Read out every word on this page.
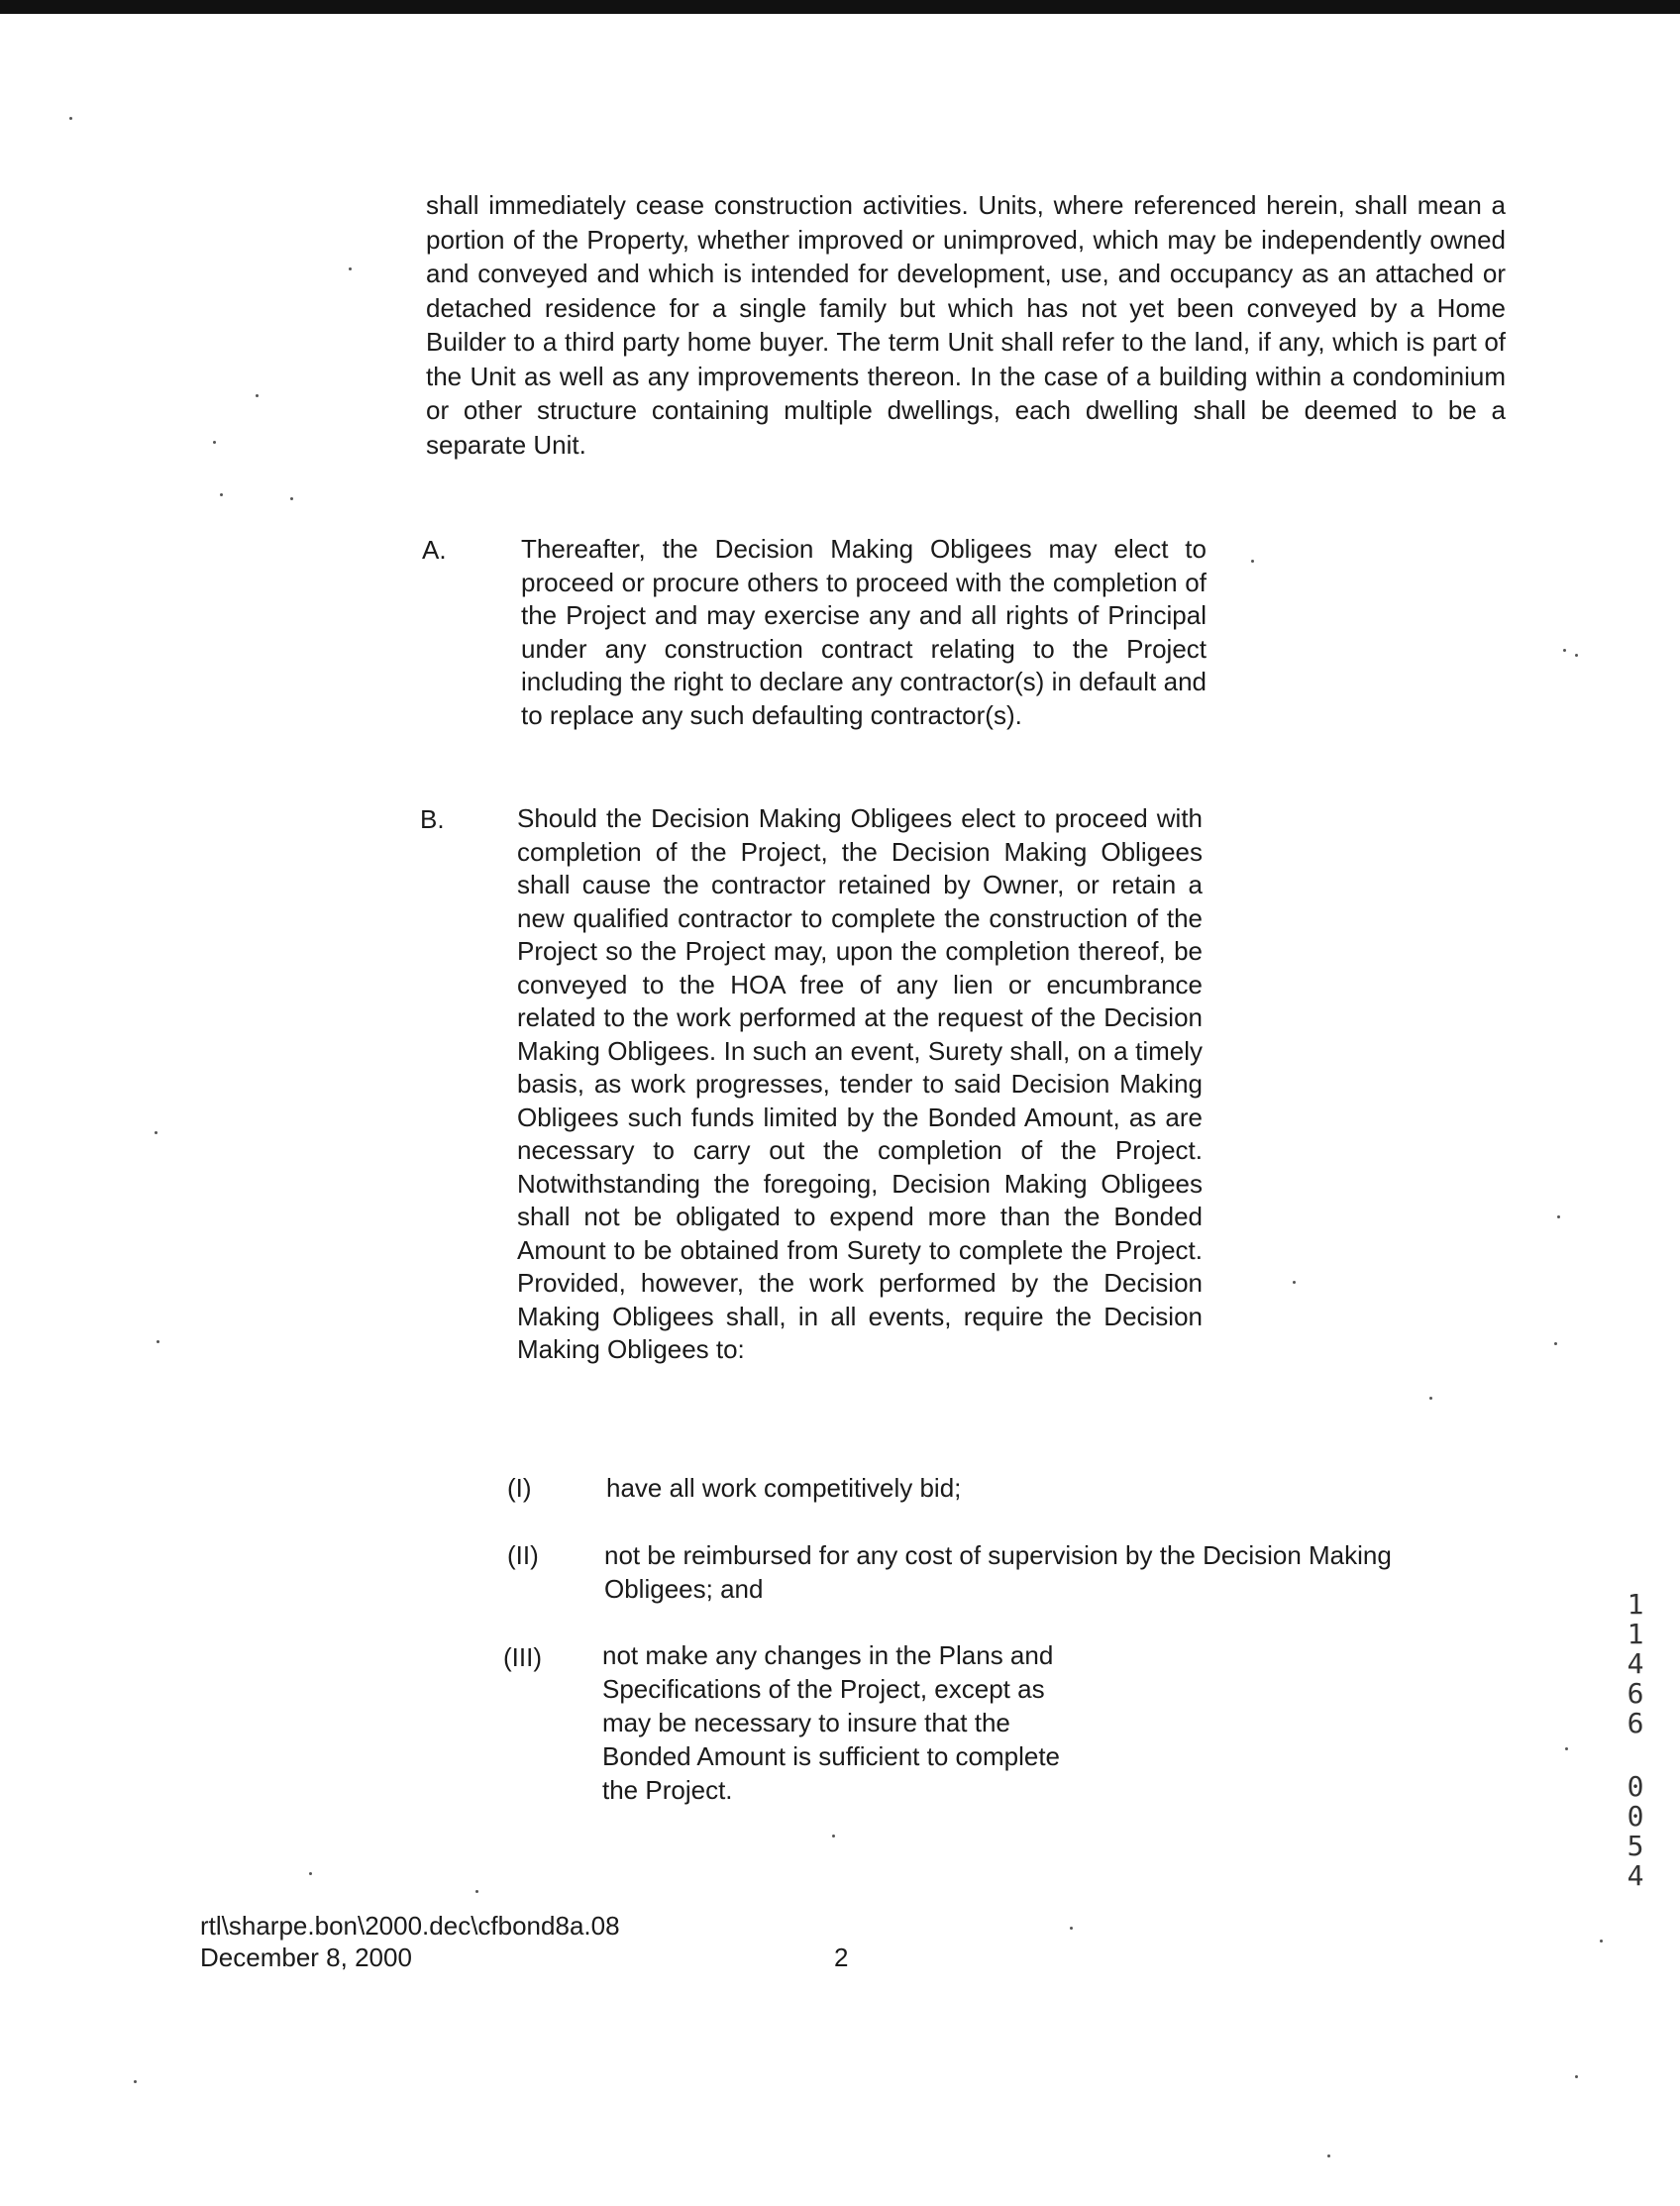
shall immediately cease construction activities. Units, where referenced herein, shall mean a portion of the Property, whether improved or unimproved, which may be independently owned and conveyed and which is intended for development, use, and occupancy as an attached or detached residence for a single family but which has not yet been conveyed by a Home Builder to a third party home buyer. The term Unit shall refer to the land, if any, which is part of the Unit as well as any improvements thereon. In the case of a building within a condominium or other structure containing multiple dwellings, each dwelling shall be deemed to be a separate Unit.
A.	Thereafter, the Decision Making Obligees may elect to proceed or procure others to proceed with the completion of the Project and may exercise any and all rights of Principal under any construction contract relating to the Project including the right to declare any contractor(s) in default and to replace any such defaulting contractor(s).
B.	Should the Decision Making Obligees elect to proceed with completion of the Project, the Decision Making Obligees shall cause the contractor retained by Owner, or retain a new qualified contractor to complete the construction of the Project so the Project may, upon the completion thereof, be conveyed to the HOA free of any lien or encumbrance related to the work performed at the request of the Decision Making Obligees. In such an event, Surety shall, on a timely basis, as work progresses, tender to said Decision Making Obligees such funds limited by the Bonded Amount, as are necessary to carry out the completion of the Project. Notwithstanding the foregoing, Decision Making Obligees shall not be obligated to expend more than the Bonded Amount to be obtained from Surety to complete the Project. Provided, however, the work performed by the Decision Making Obligees shall, in all events, require the Decision Making Obligees to:
(I)	have all work competitively bid;
(II)	not be reimbursed for any cost of supervision by the Decision Making Obligees; and
(III) not make any changes in the Plans and Specifications of the Project, except as may be necessary to insure that the Bonded Amount is sufficient to complete the Project.
rtl\sharpe.bon\2000.dec\cfbond8a.08
December 8, 2000	2
1
1
4
6
6
0
0
5
4
